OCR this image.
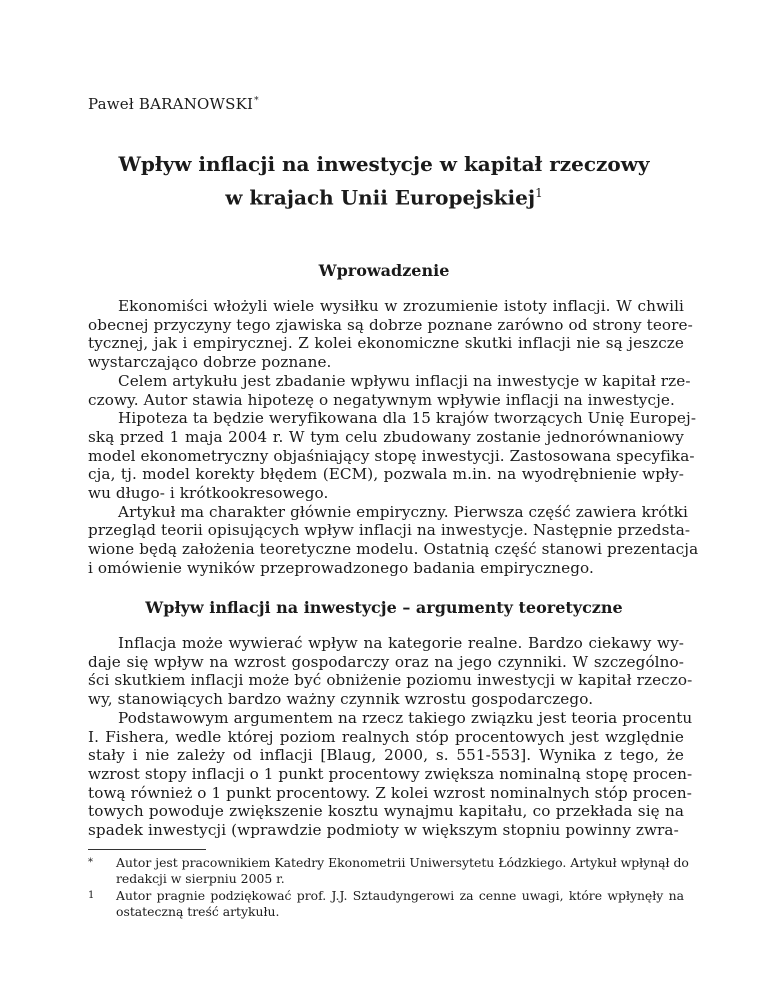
Paweł BARANOWSKI*
Wpływ inflacji na inwestycje w kapitał rzeczowy
w krajach Unii Europejskiej$^1$
Wprowadzenie
Ekonomiści włożyli wiele wysiłku w zrozumienie istoty inflacji. W chwili
obecnej przyczyny tego zjawiska są dobrze poznane zarówno od strony teore-
tycznej, jak i empirycznej. Z kolei ekonomiczne skutki inflacji nie są jeszcze
wystarczająco dobrze poznane.
Celem artykułu jest zbadanie wpływu inflacji na inwestycje w kapitał rze-
czowy. Autor stawia hipotezę o negatywnym wpływie inflacji na inwestycje.
Hipoteza ta będzie weryfikowana dla 15 krajów tworzących Unię Europej-
ską przed 1 maja 2004 r. W tym celu zbudowany zostanie jednorównaniowy
model ekonometryczny objaśniający stopę inwestycji. Zastosowana specyfika-
cja, tj. model korekty błędem (ECM), pozwala m.in. na wyodrębnienie wpły-
wu długo- i krótkookresowego.
Artykuł ma charakter głównie empiryczny. Pierwsza część zawiera krótki
przegląd teorii opisujących wpływ inflacji na inwestycje. Następnie przedsta-
wione będą założenia teoretyczne modelu. Ostatnią część stanowi prezentacja
i omówienie wyników przeprowadzonego badania empirycznego.
Wpływ inflacji na inwestycje – argumenty teoretyczne
Inflacja może wywierać wpływ na kategorie realne. Bardzo ciekawy wy-
daje się wpływ na wzrost gospodarczy oraz na jego czynniki. W szczególno-
ści skutkiem inflacji może być obniżenie poziomu inwestycji w kapitał rzeczo-
wy, stanowiących bardzo ważny czynnik wzrostu gospodarczego.
Podstawowym argumentem na rzecz takiego związku jest teoria procentu
I. Fishera, wedle której poziom realnych stóp procentowych jest względnie
stały i nie zależy od inflacji [Blaug, 2000, s. 551-553]. Wynika z tego, że
wzrost stopy inflacji o 1 punkt procentowy zwiększa nominalną stopę procen-
tową również o 1 punkt procentowy. Z kolei wzrost nominalnych stóp procen-
towych powoduje zwiększenie kosztu wynajmu kapitału, co przekłada się na
spadek inwestycji (wprawdzie podmioty w większym stopniu powinny zwra-
* Autor jest pracownikiem Katedry Ekonometrii Uniwersytetu Łódzkiego. Artykuł wpłynął do
redakcji w sierpniu 2005 r.
1 Autor pragnie podziękować prof. J.J. Sztaudyngerowi za cenne uwagi, które wpłynęły na
ostateczną treść artykułu.
